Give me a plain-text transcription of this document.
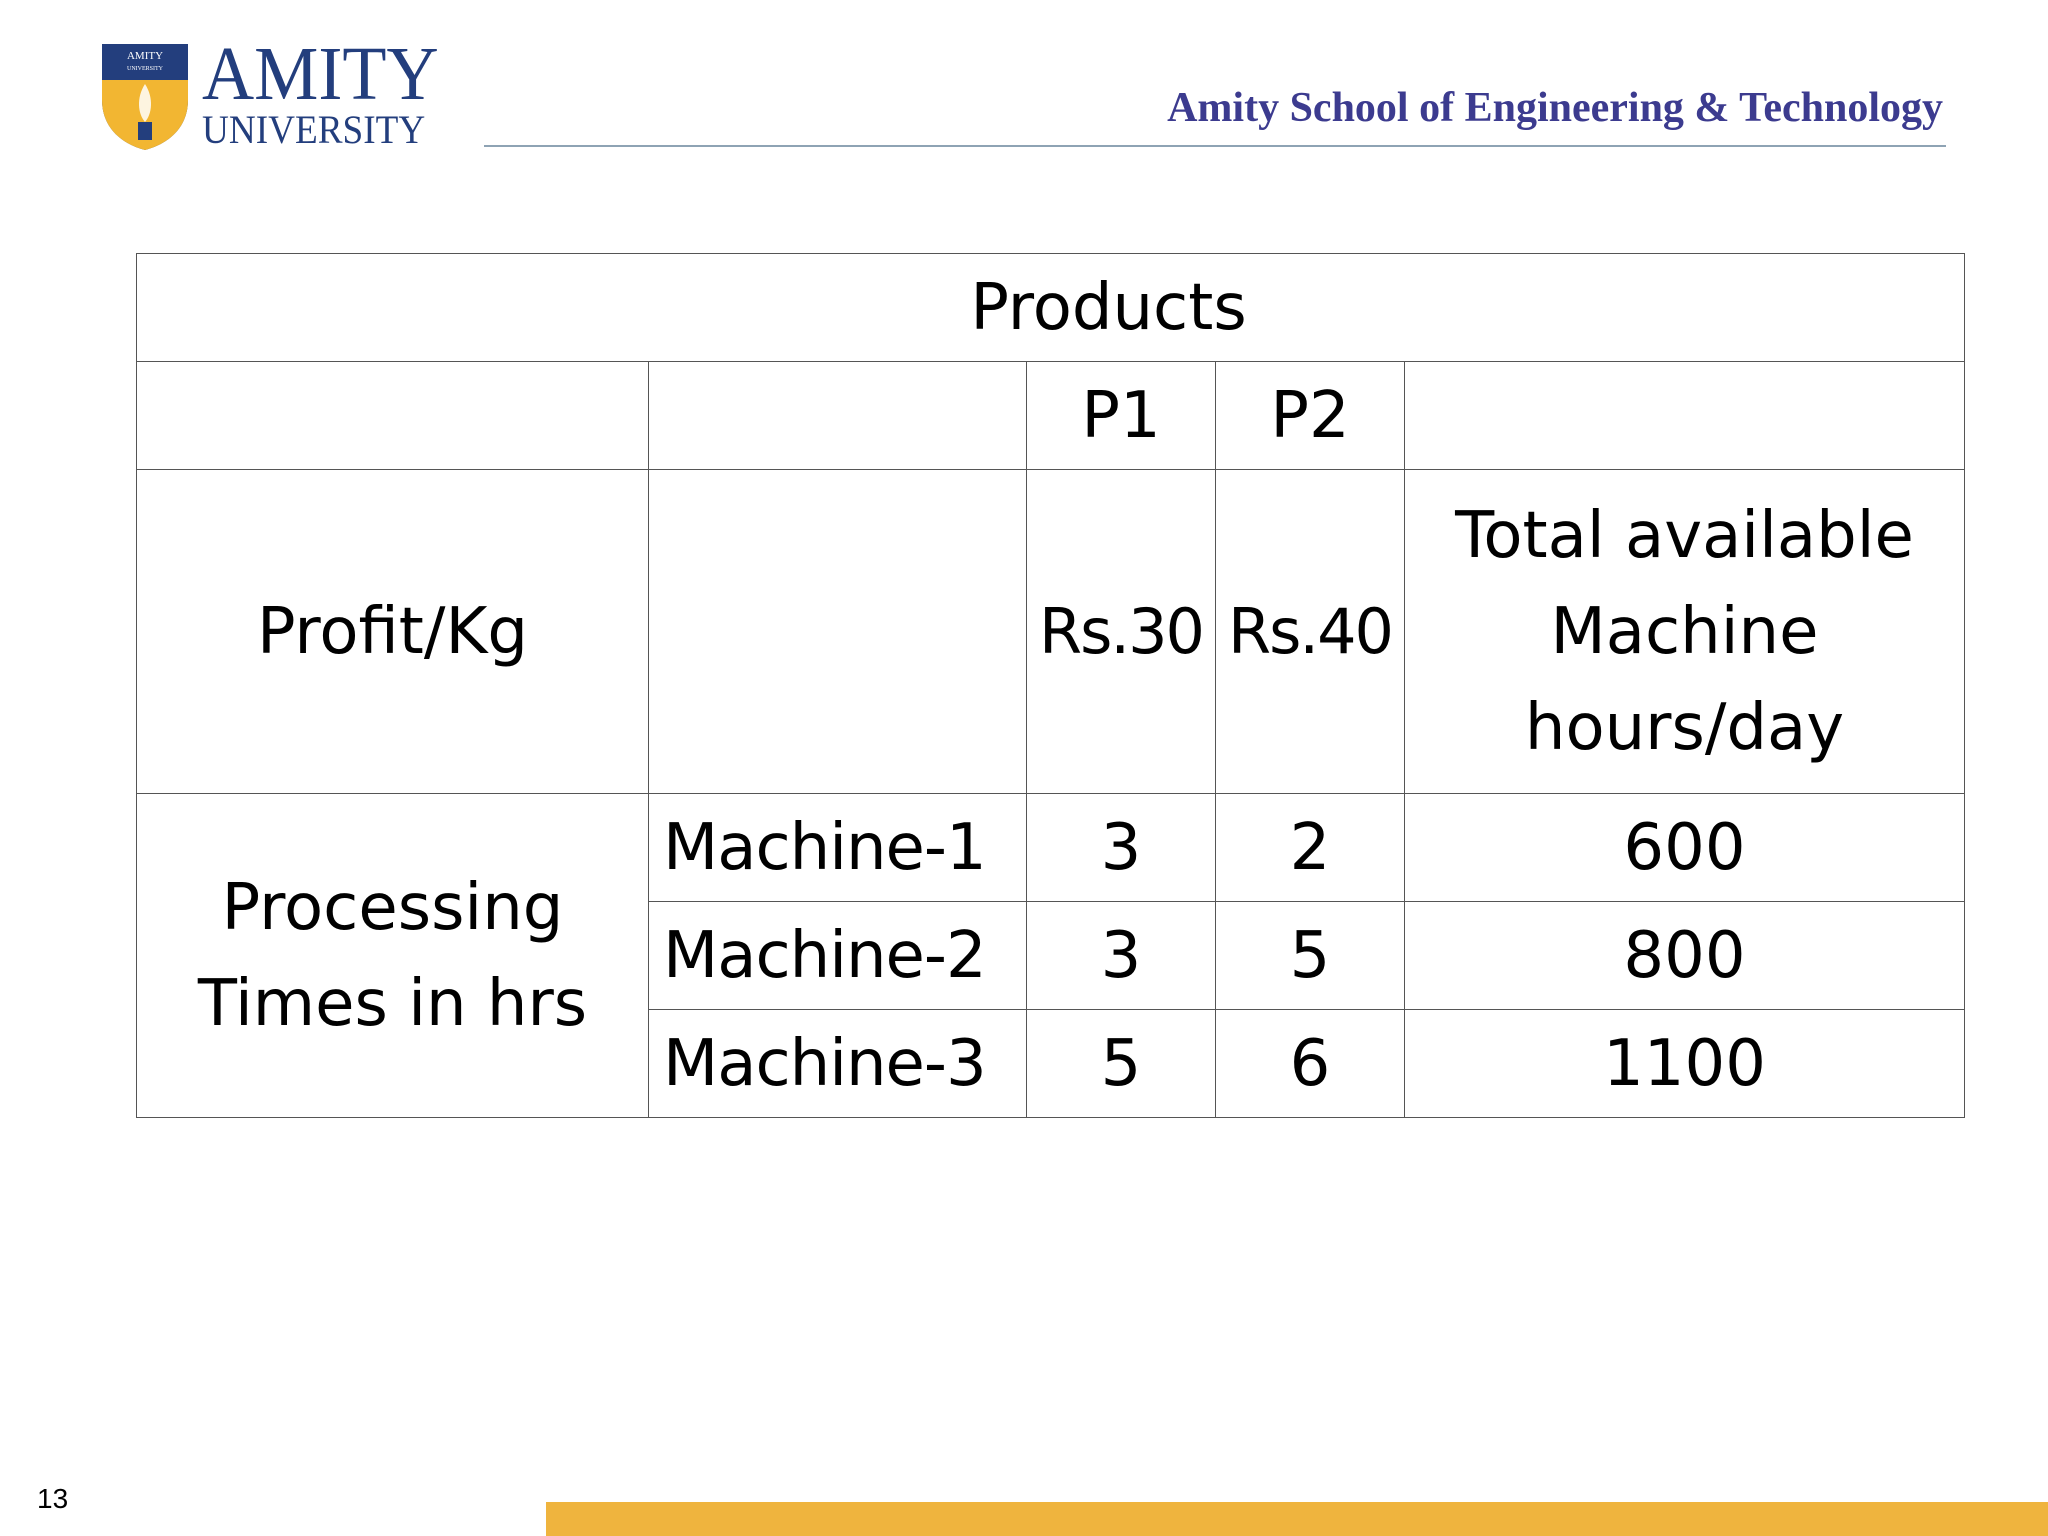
AMITY
UNIVERSITY AMITY
UNIVERSITY	Amity School of Engineering & Technology
Products				
		P1	P2	
Profit/Kg		Rs.30	Rs.40	Total available Machine hours/day
Processing Times in hrs	Machine-1	3	2	600
	Machine-2	3	5	800
	Machine-3	5	6	1100
13
